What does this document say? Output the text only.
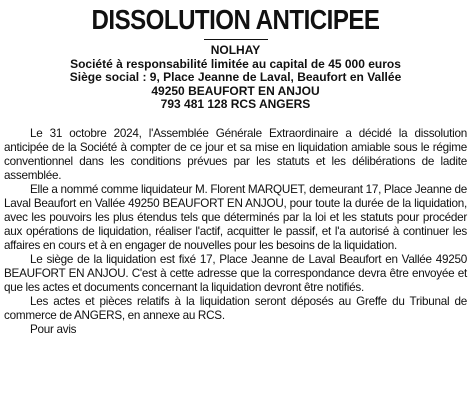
DISSOLUTION ANTICIPEE
NOLHAY
Société à responsabilité limitée au capital de 45 000 euros
Siège social : 9, Place Jeanne de Laval, Beaufort en Vallée
49250 BEAUFORT EN ANJOU
793 481 128 RCS ANGERS

Le 31 octobre 2024, l'Assemblée Générale Extraordinaire a décidé la dissolution anticipée de la Société à compter de ce jour et sa mise en liquidation amiable sous le régime conventionnel dans les conditions prévues par les statuts et les délibérations de ladite assemblée.

Elle a nommé comme liquidateur M. Florent MARQUET, demeurant 17, Place Jeanne de Laval Beaufort en Vallée 49250 BEAUFORT EN ANJOU, pour toute la durée de la liquidation, avec les pouvoirs les plus étendus tels que déterminés par la loi et les statuts pour procéder aux opérations de liquidation, réaliser l'actif, acquitter le passif, et l'a autorisé à continuer les affaires en cours et à en engager de nouvelles pour les besoins de la liquidation.

Le siège de la liquidation est fixé 17, Place Jeanne de Laval Beaufort en Vallée 49250 BEAUFORT EN ANJOU. C'est à cette adresse que la correspondance devra être envoyée et que les actes et documents concernant la liquidation devront être notifiés.

Les actes et pièces relatifs à la liquidation seront déposés au Greffe du Tribunal de commerce de ANGERS, en annexe au RCS.

Pour avis
